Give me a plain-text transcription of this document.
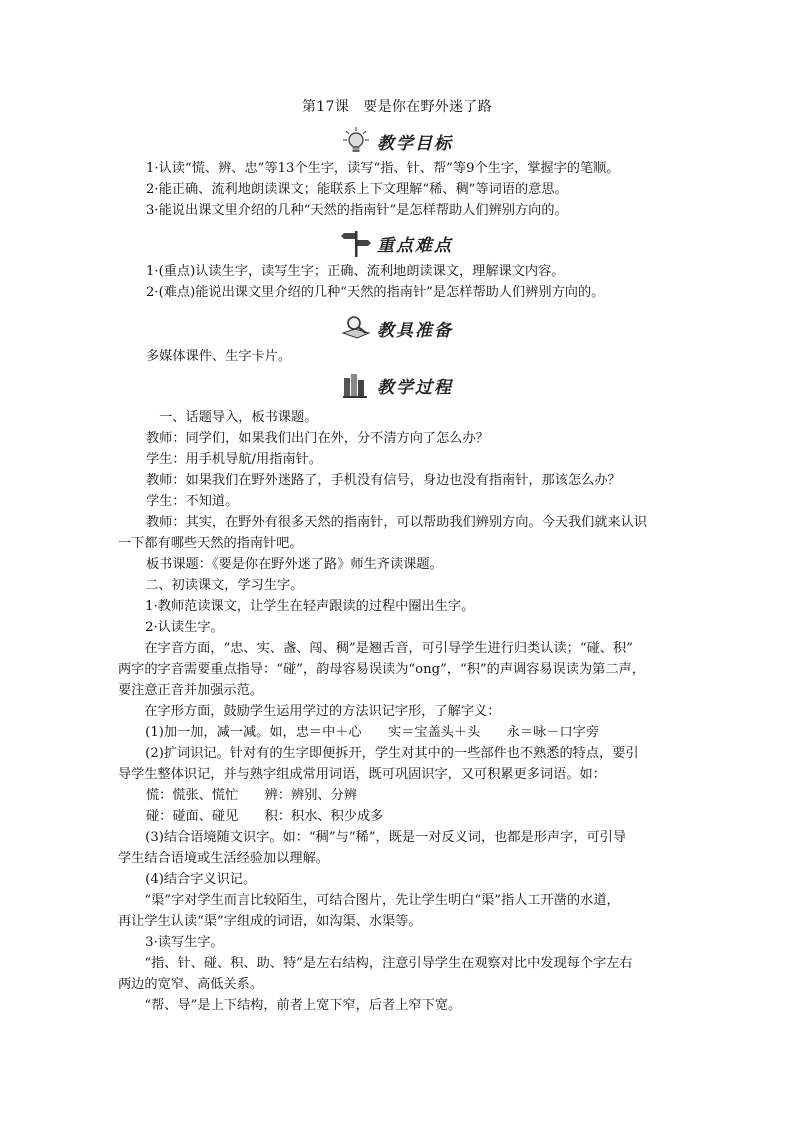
第17课　要是你在野外迷了路
教学目标
1·认读“慌、辨、忠”等13个生字，读写“指、针、帮”等9个生字，掌握字的笔顺。
2·能正确、流利地朗读课文；能联系上下文理解“稀、稠”等词语的意思。
3·能说出课文里介绍的几种“天然的指南针”是怎样帮助人们辨别方向的。
重点难点
1·(重点)认读生字，读写生字；正确、流利地朗读课文，理解课文内容。
2·(难点)能说出课文里介绍的几种“天然的指南针”是怎样帮助人们辨别方向的。
教具准备
多媒体课件、生字卡片。
教学过程
　一、话题导入，板书课题。
教师：同学们，如果我们出门在外，分不清方向了怎么办？
学生：用手机导航/用指南针。
教师：如果我们在野外迷路了，手机没有信号，身边也没有指南针，那该怎么办？
学生：不知道。
教师：其实，在野外有很多天然的指南针，可以帮助我们辨别方向。今天我们就来认识
一下都有哪些天然的指南针吧。
板书课题：《要是你在野外迷了路》师生齐读课题。
　二、初读课文，学习生字。
　1·教师范读课文，让学生在轻声跟读的过程中圈出生字。
　2·认读生字。
　　在字音方面，“忠、实、盏、闯、稠”是翘舌音，可引导学生进行归类认读；“碰、积”
两字的字音需要重点指导：“碰”，韵母容易误读为“ong”，“积”的声调容易误读为第二声，
要注意正音并加强示范。
　　在字形方面，鼓励学生运用学过的方法识记字形，了解字义：
　(1)加一加，减一减。如，忠＝中＋心　　实＝宝盖头＋头　　永＝咏－口字旁
　(2)扩词识记。针对有的生字即便拆开，学生对其中的一些部件也不熟悉的特点，要引
导学生整体识记，并与熟字组成常用词语，既可巩固识字，又可积累更多词语。如：
慌：慌张、慌忙　　辨：辨别、分辨
碰：碰面、碰见　　积：积水、积少成多
　(3)结合语境随文识字。如：“稠”与“稀”，既是一对反义词，也都是形声字，可引导
学生结合语境或生活经验加以理解。
　(4)结合字义识记。
　　“渠”字对学生而言比较陌生，可结合图片，先让学生明白“渠”指人工开凿的水道，
再让学生认读“渠”字组成的词语，如沟渠、水渠等。
　3·读写生字。
　　“指、针、碰、积、助、特”是左右结构，注意引导学生在观察对比中发现每个字左右
两边的宽窄、高低关系。
　　“帮、导”是上下结构，前者上宽下窄，后者上窄下宽。
